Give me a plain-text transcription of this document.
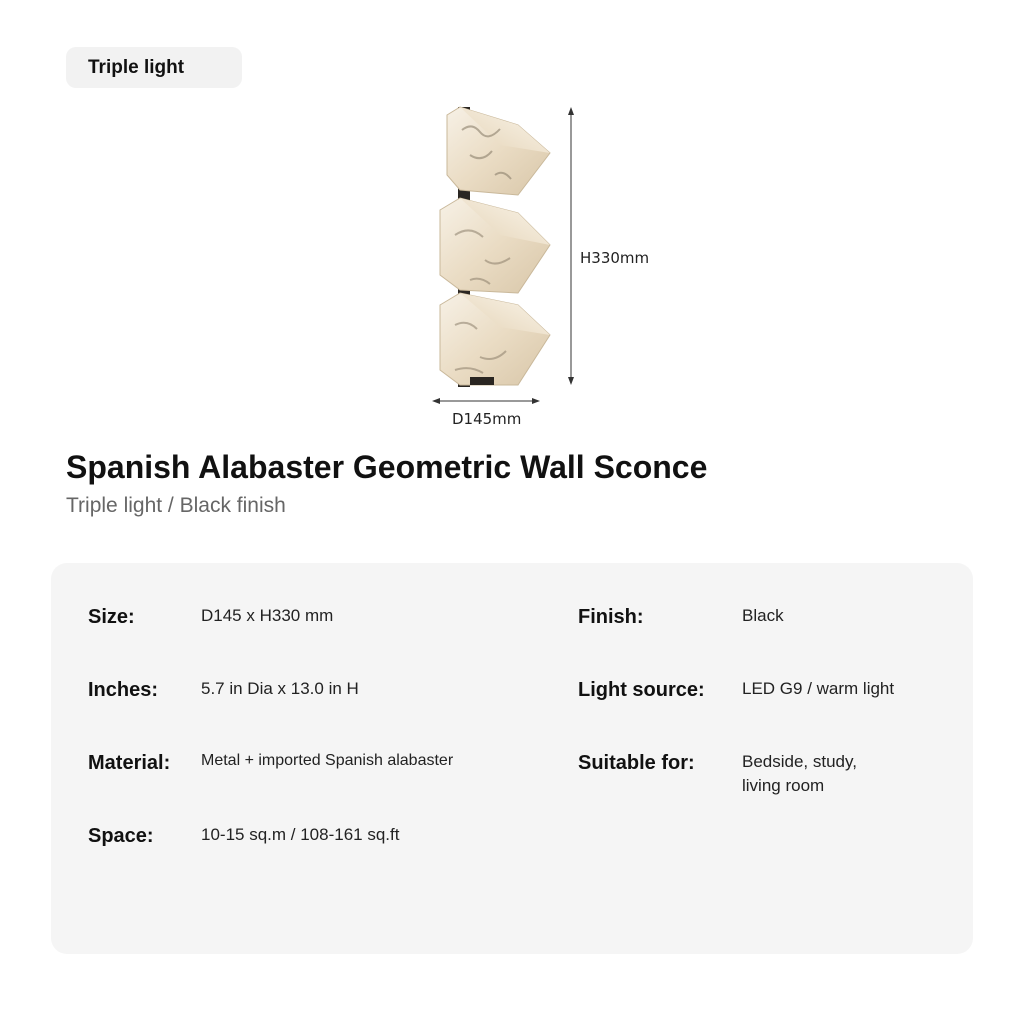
Triple light
H330mm
D145mm
Spanish Alabaster Geometric Wall Sconce
Triple light / Black finish
Size:	D145 x H330 mm
Inches:	5.7 in Dia x 13.0 in H
Material: Metal + imported Spanish alabaster
Space:	10-15 sq.m / 108-161 sq.ft
Finish:	Black
Light source: LED G9 / warm light
Suitable for:	Bedside, study,
living room
